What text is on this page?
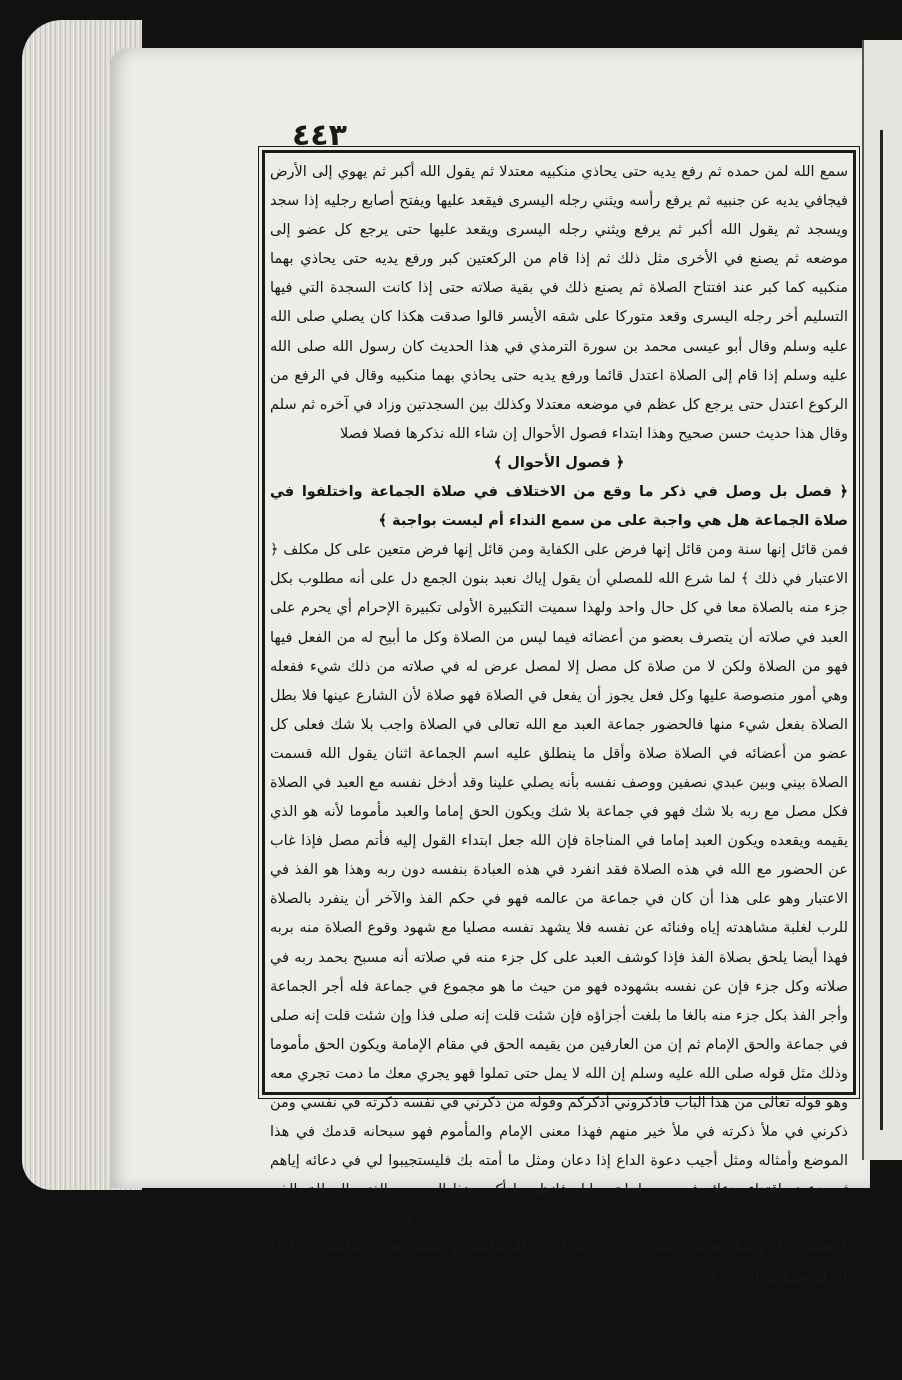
٤٤٣

سمع الله لمن حمده ثم رفع يديه حتى يحاذي منكبيه معتدلا ثم يقول الله أكبر ثم يهوي إلى الأرض فيجافي يديه عن جنبيه ثم يرفع رأسه ويثني رجله اليسرى فيقعد عليها ويفتح أصابع رجليه إذا سجد ويسجد ثم يقول الله أكبر ثم يرفع ويثني رجله اليسرى ويقعد عليها حتى يرجع كل عضو إلى موضعه ثم يصنع في الأخرى مثل ذلك ثم إذا قام من الركعتين كبر ورفع يديه حتى يحاذي بهما منكبيه كما كبر عند افتتاح الصلاة ثم يصنع ذلك في بقية صلاته حتى إذا كانت السجدة التي فيها التسليم أخر رجله اليسرى وقعد متوركا على شقه الأيسر قالوا صدقت هكذا كان يصلي صلى الله عليه وسلم وقال أبو عيسى محمد بن سورة الترمذي في هذا الحديث كان رسول الله صلى الله عليه وسلم إذا قام إلى الصلاة اعتدل قائما ورفع يديه حتى يحاذي بهما منكبيه وقال في الرفع من الركوع اعتدل حتى يرجع كل عظم في موضعه معتدلا وكذلك بين السجدتين وزاد في آخره ثم سلم وقال هذا حديث حسن صحيح وهذا ابتداء فصول الأحوال إن شاء الله نذكرها فصلا فصلا

﴿ فصول الأحوال ﴾

﴿ فصل بل وصل في ذكر ما وقع من الاختلاف في صلاة الجماعة واختلفوا في صلاة الجماعة هل هي واجبة على من سمع النداء أم ليست بواجبة ﴾

فمن قائل إنها سنة ومن قائل إنها فرض على الكفاية ومن قائل إنها فرض متعين على كل مكلف ﴿ الاعتبار في ذلك ﴾ لما شرع الله للمصلي أن يقول إياك نعبد بنون الجمع دل على أنه مطلوب بكل جزء منه بالصلاة معا في كل حال واحد ولهذا سميت التكبيرة الأولى تكبيرة الإحرام أي يحرم على العبد في صلاته أن يتصرف بعضو من أعضائه فيما ليس من الصلاة وكل ما أبيح له من الفعل فيها فهو من الصلاة ولكن لا من صلاة كل مصل إلا لمصل عرض له في صلاته من ذلك شيء ففعله وهي أمور منصوصة عليها وكل فعل يجوز أن يفعل في الصلاة فهو صلاة لأن الشارع عينها فلا بطل الصلاة بفعل شيء منها فالحضور جماعة العبد مع الله تعالى في الصلاة واجب بلا شك فعلى كل عضو من أعضائه في الصلاة صلاة وأقل ما ينطلق عليه اسم الجماعة اثنان يقول الله قسمت الصلاة بيني وبين عبدي نصفين ووصف نفسه بأنه يصلي علينا وقد أدخل نفسه مع العبد في الصلاة فكل مصل مع ربه بلا شك فهو في جماعة بلا شك ويكون الحق إماما والعبد مأموما لأنه هو الذي يقيمه ويقعده ويكون العبد إماما في المناجاة فإن الله جعل ابتداء القول إليه فأتم مصل فإذا غاب عن الحضور مع الله في هذه الصلاة فقد انفرد في هذه العبادة بنفسه دون ربه وهذا هو الفذ في الاعتبار وهو على هذا أن كان في جماعة من عالمه فهو في حكم الفذ والآخر أن ينفرد بالصلاة للرب لغلبة مشاهدته إياه وفنائه عن نفسه فلا يشهد نفسه مصليا مع شهود وقوع الصلاة منه بربه فهذا أيضا يلحق بصلاة الفذ فإذا كوشف العبد على كل جزء منه في صلاته أنه مسبح بحمد ربه في صلاته وكل جزء فإن عن نفسه بشهوده فهو من حيث ما هو مجموع في جماعة فله أجر الجماعة وأجر الفذ بكل جزء منه بالغا ما بلغت أجزاؤه فإن شئت قلت إنه صلى فذا وإن شئت قلت إنه صلى في جماعة والحق الإمام ثم إن من العارفين من يقيمه الحق في مقام الإمامة ويكون الحق مأموما وذلك مثل قوله صلى الله عليه وسلم إن الله لا يمل حتى تملوا فهو يجري معك ما دمت تجري معه وهو قوله تعالى من هذا الباب فاذكروني أذكركم وقوله من ذكرني في نفسه ذكرته في نفسي ومن ذكرني في ملأ ذكرته في ملأ خير منهم فهذا معنى الإمام والمأموم فهو سبحانه قدمك في هذا الموضع وأمثاله ومثل أجيب دعوة الداع إذا دعان ومثل ما أمته بك فليستجيبوا لي في دعائه إياهم ثم بدعونه اقتداء بدعائه فيجيبهم بإجابتهم إياه فانظر ما أكرم هذا الرب مع الغنى المطلق الذي وصف به نفسه كيف ربط نفسه بعبده في جميع ما أمر به من العبادة ذلك هو الفضل المبين

﴿ فصل بل وصل فيمن صلى وحده ثم أدرك الجماعة أو صلى في جماعة ثم أنها أدرك جماعة أخرى ﴾

اعلم أنه من صلى ثم أتى المسجد فلا يخلو من أحد وجهين إما أن صلى منفردا أو في جماعة فإن كان صلى منفردا فيعيدها معهم كل الصلوات إلا المغرب فقط وقالت طائفة يعيد إلا المغرب والعصر وقالت طائفة إلا المغرب والصبح ومن قائل إلا الصبح
